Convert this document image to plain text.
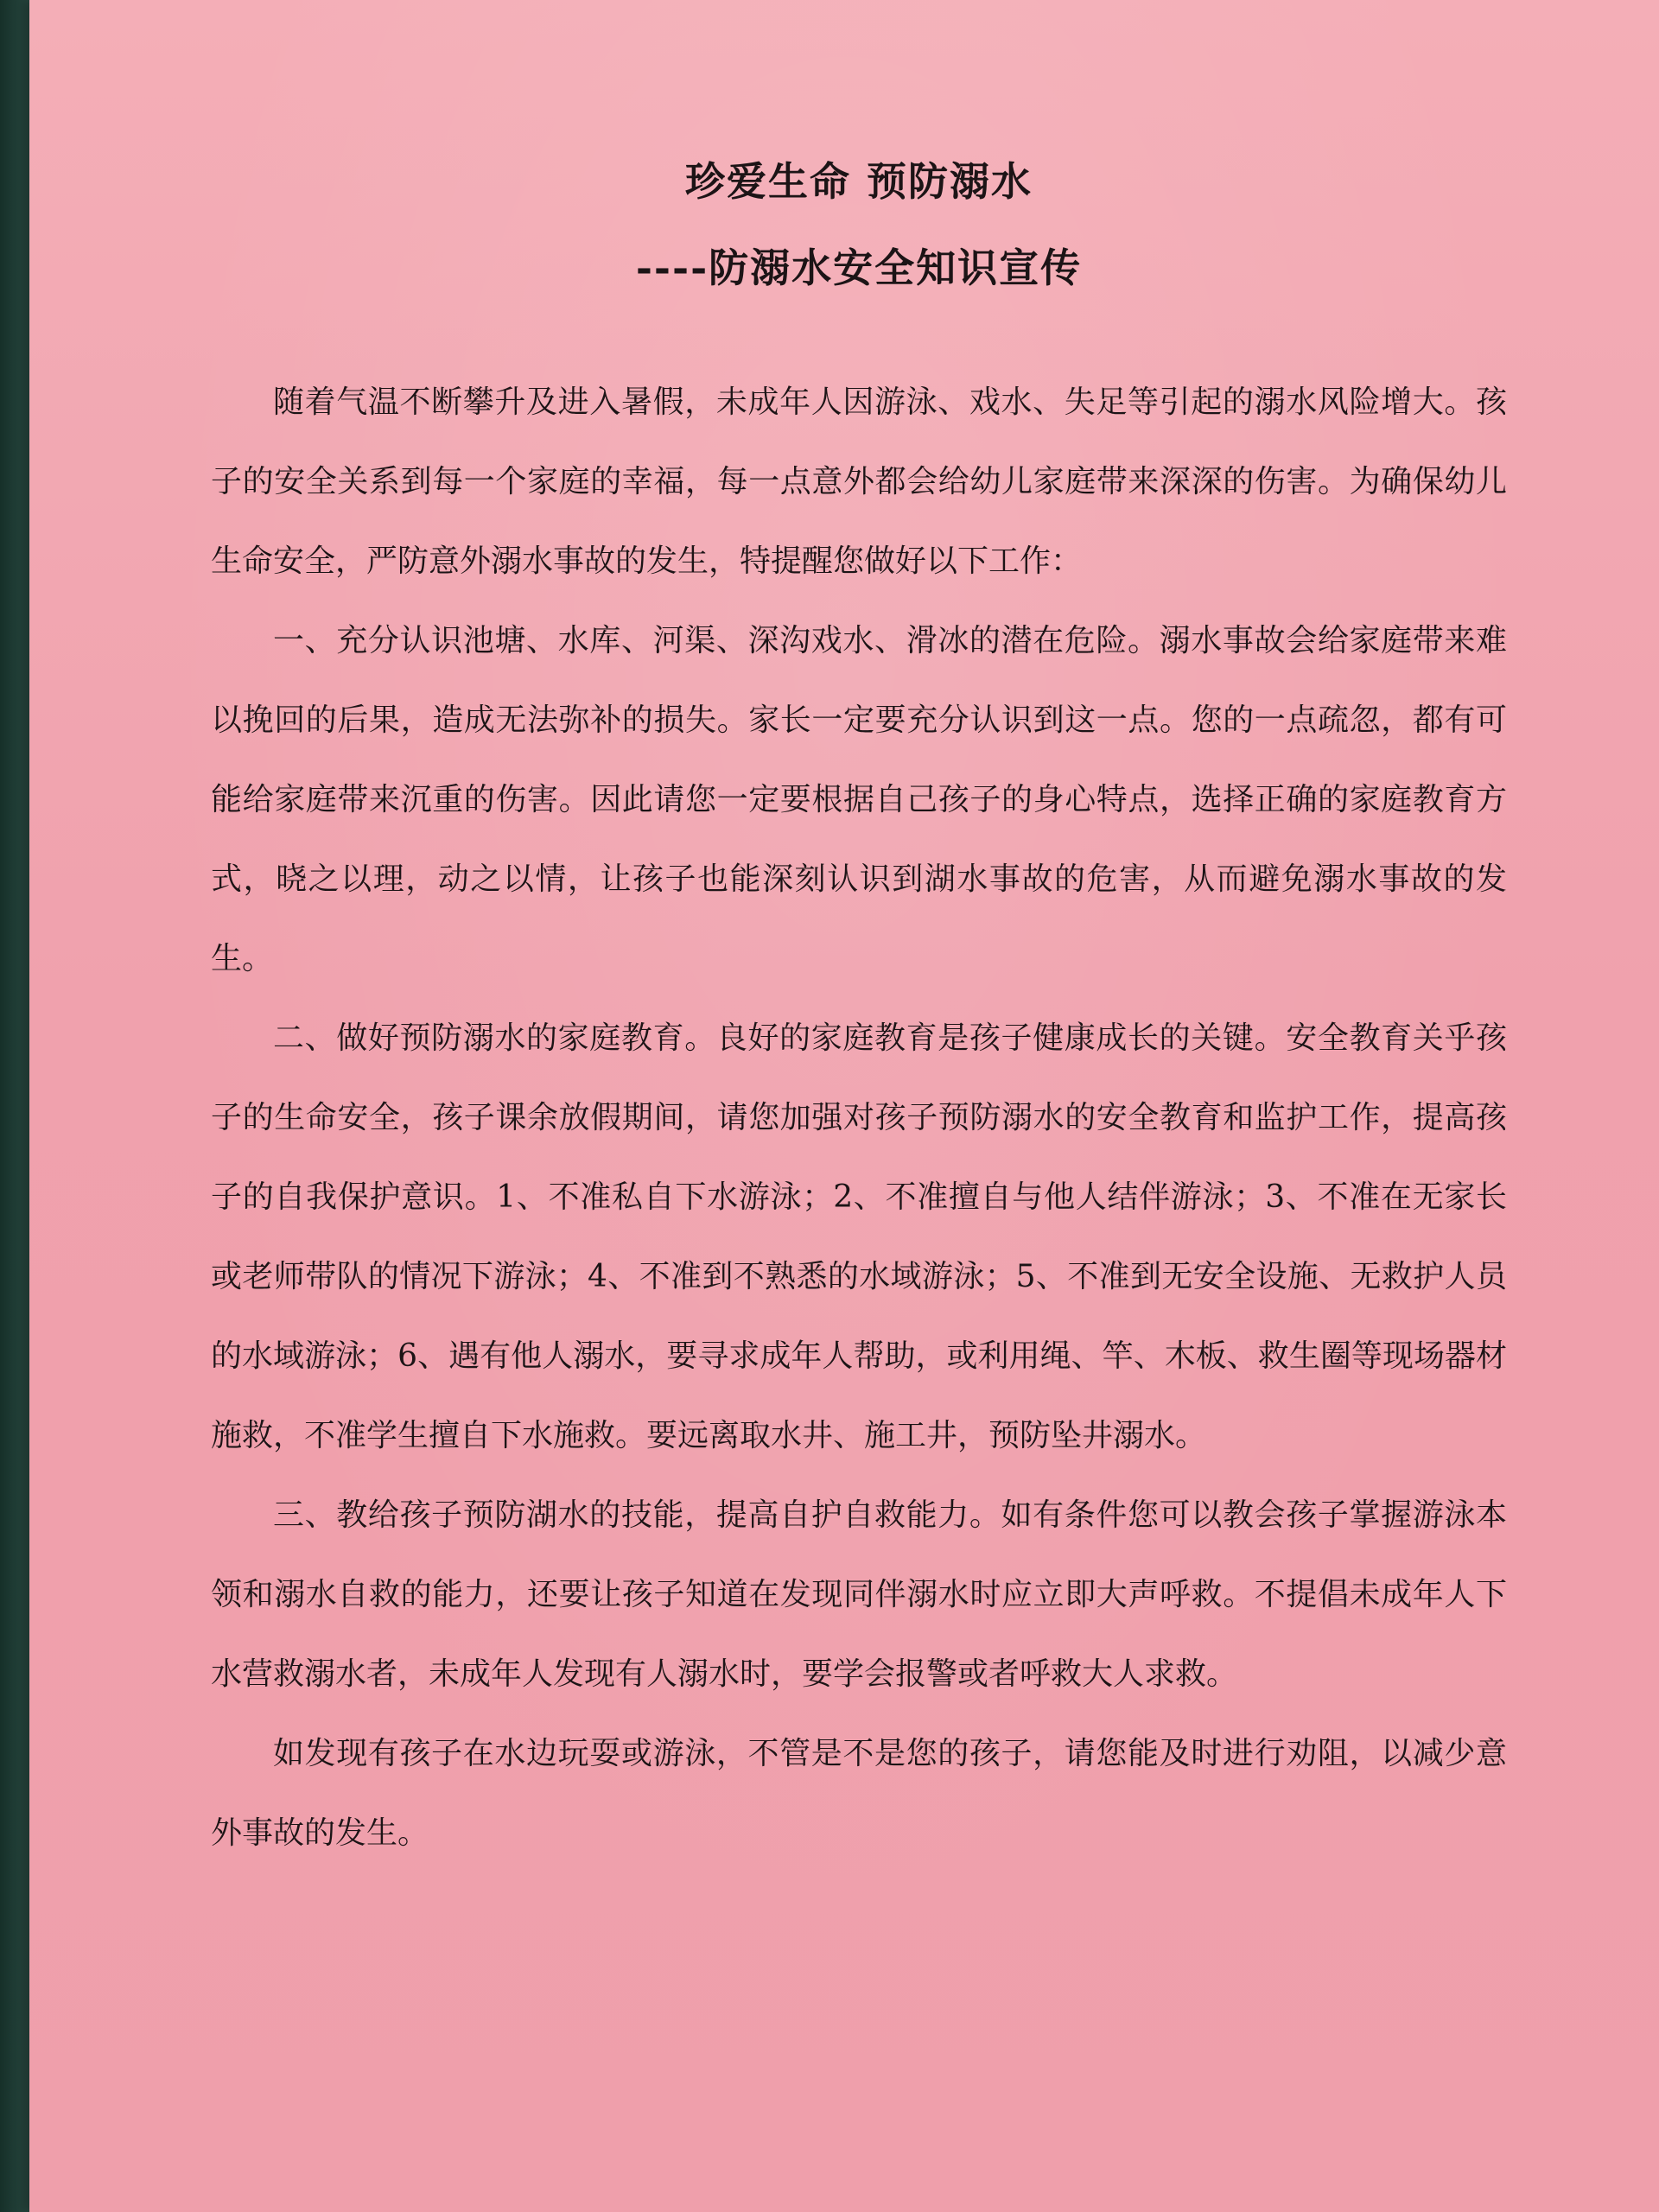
珍爱生命 预防溺水
----防溺水安全知识宣传

随着气温不断攀升及进入暑假，未成年人因游泳、戏水、失足等引起的溺水风险增大。孩子的安全关系到每一个家庭的幸福，每一点意外都会给幼儿家庭带来深深的伤害。为确保幼儿生命安全，严防意外溺水事故的发生，特提醒您做好以下工作：

一、充分认识池塘、水库、河渠、深沟戏水、滑冰的潜在危险。溺水事故会给家庭带来难以挽回的后果，造成无法弥补的损失。家长一定要充分认识到这一点。您的一点疏忽，都有可能给家庭带来沉重的伤害。因此请您一定要根据自己孩子的身心特点，选择正确的家庭教育方式，晓之以理，动之以情，让孩子也能深刻认识到湖水事故的危害，从而避免溺水事故的发生。

二、做好预防溺水的家庭教育。良好的家庭教育是孩子健康成长的关键。安全教育关乎孩子的生命安全，孩子课余放假期间，请您加强对孩子预防溺水的安全教育和监护工作，提高孩子的自我保护意识。1、不准私自下水游泳；2、不准擅自与他人结伴游泳；3、不准在无家长或老师带队的情况下游泳；4、不准到不熟悉的水域游泳；5、不准到无安全设施、无救护人员的水域游泳；6、遇有他人溺水，要寻求成年人帮助，或利用绳、竿、木板、救生圈等现场器材施救，不准学生擅自下水施救。要远离取水井、施工井，预防坠井溺水。

三、教给孩子预防湖水的技能，提高自护自救能力。如有条件您可以教会孩子掌握游泳本领和溺水自救的能力，还要让孩子知道在发现同伴溺水时应立即大声呼救。不提倡未成年人下水营救溺水者，未成年人发现有人溺水时，要学会报警或者呼救大人求救。

如发现有孩子在水边玩耍或游泳，不管是不是您的孩子，请您能及时进行劝阻，以减少意外事故的发生。
